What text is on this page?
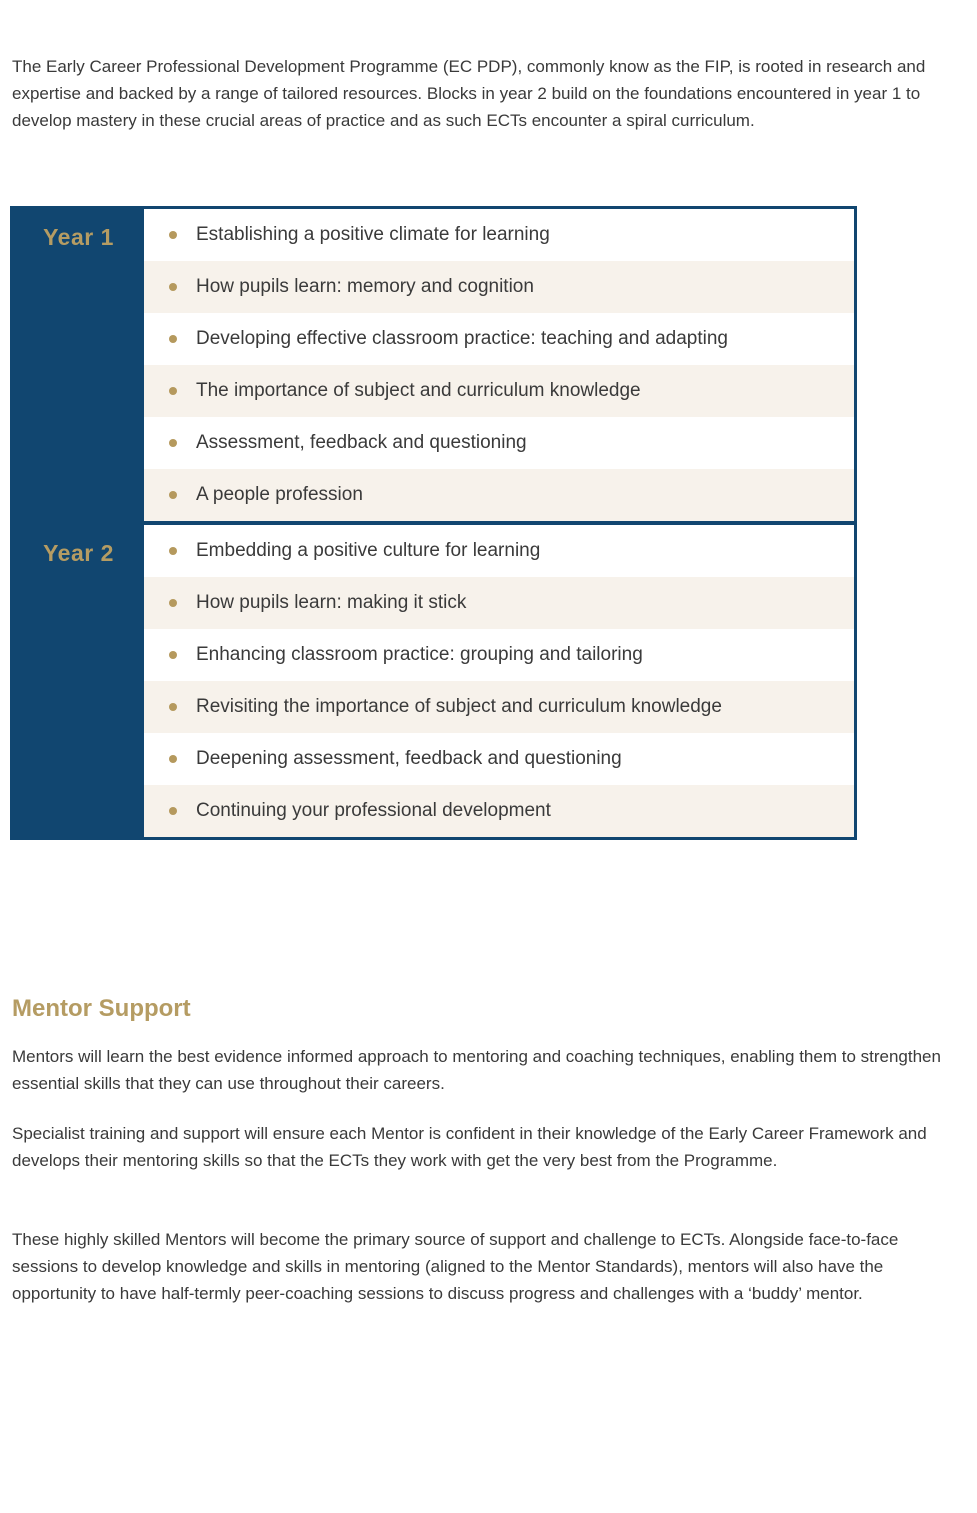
The Early Career Professional Development Programme (EC PDP), commonly know as the FIP, is rooted in research and expertise and backed by a range of tailored resources. Blocks in year 2 build on the foundations encountered in year 1 to develop mastery in these crucial areas of practice and as such ECTs encounter a spiral curriculum.

Year 1
Year 2
Establishing a positive climate for learning
How pupils learn: memory and cognition
Developing effective classroom practice: teaching and adapting
The importance of subject and curriculum knowledge
Assessment, feedback and questioning
A people profession
Embedding a positive culture for learning
How pupils learn: making it stick
Enhancing classroom practice: grouping and tailoring
Revisiting the importance of subject and curriculum knowledge
Deepening assessment, feedback and questioning
Continuing your professional development
Mentor Support

Mentors will learn the best evidence informed approach to mentoring and coaching techniques, enabling them to strengthen essential skills that they can use throughout their careers.

Specialist training and support will ensure each Mentor is confident in their knowledge of the Early Career Framework and develops their mentoring skills so that the ECTs they work with get the very best from the Programme.

These highly skilled Mentors will become the primary source of support and challenge to ECTs. Alongside face-to-face sessions to develop knowledge and skills in mentoring (aligned to the Mentor Standards), mentors will also have the opportunity to have half-termly peer-coaching sessions to discuss progress and challenges with a ‘buddy’ mentor.
